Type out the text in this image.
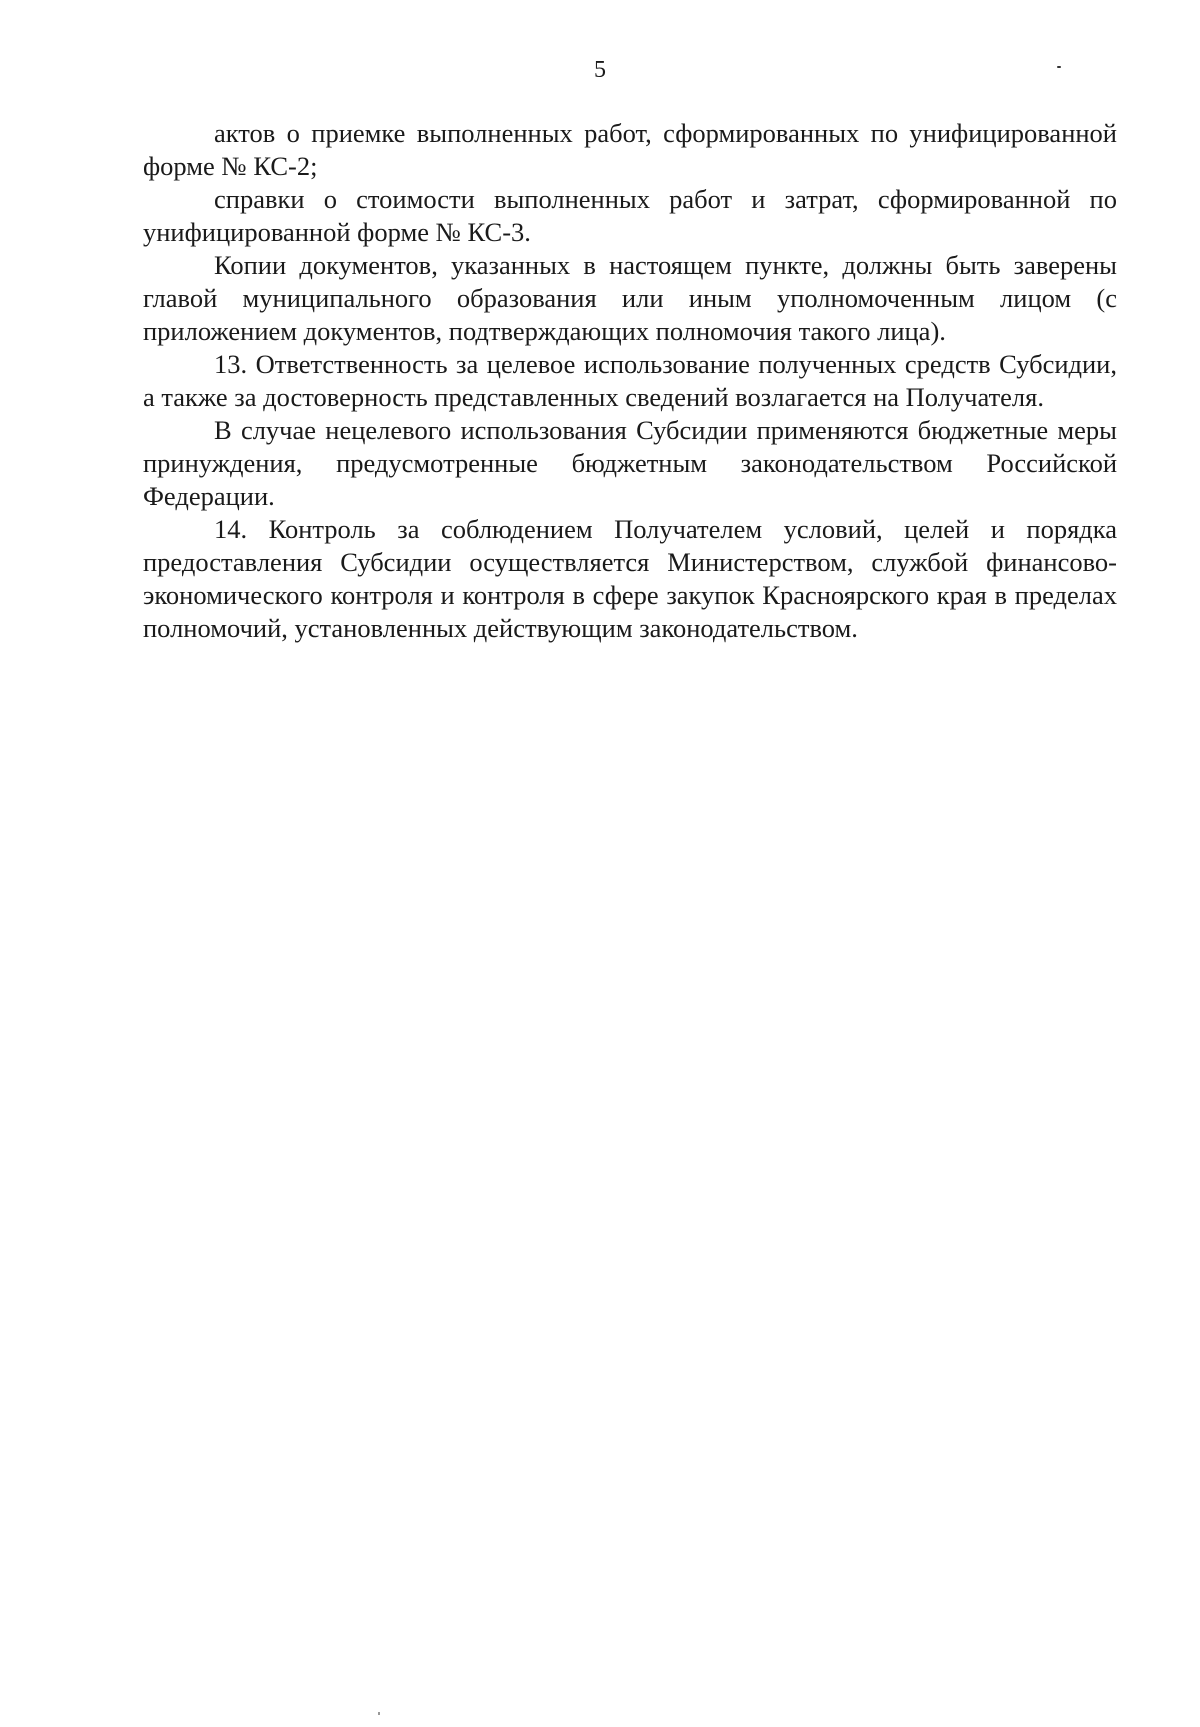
5

актов о приемке выполненных работ, сформированных по унифицированной форме № КС-2;

справки о стоимости выполненных работ и затрат, сформированной по унифицированной форме № КС-3.

Копии документов, указанных в настоящем пункте, должны быть заверены главой муниципального образования или иным уполномоченным лицом (с приложением документов, подтверждающих полномочия такого лица).

13. Ответственность за целевое использование полученных средств Субсидии, а также за достоверность представленных сведений возлагается на Получателя.

В случае нецелевого использования Субсидии применяются бюджетные меры принуждения, предусмотренные бюджетным законодательством Российской Федерации.

14. Контроль за соблюдением Получателем условий, целей и порядка предоставления Субсидии осуществляется Министерством, службой финансово-экономического контроля и контроля в сфере закупок Красноярского края в пределах полномочий, установленных действующим законодательством.
